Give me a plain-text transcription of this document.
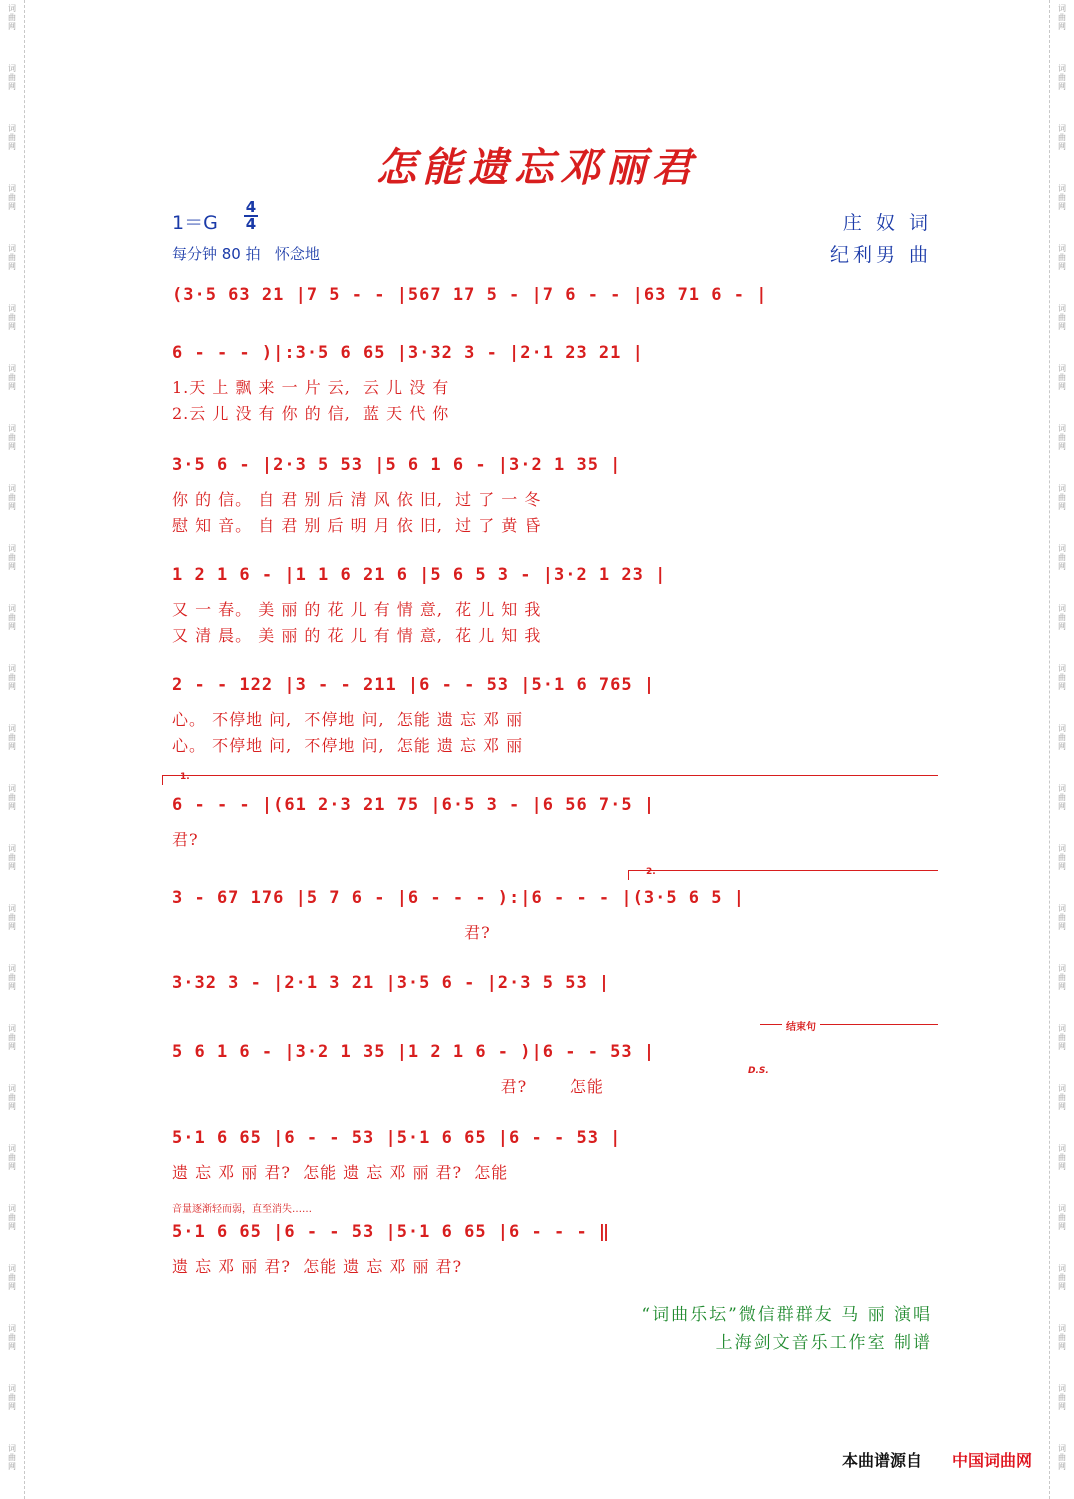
词
曲
网
词
曲
网
词
曲
网
词
曲
网
词
曲
网
词
曲
网
词
曲
网
词
曲
网
词
曲
网
词
曲
网
词
曲
网
词
曲
网
词
曲
网
词
曲
网
词
曲
网
词
曲
网
词
曲
网
词
曲
网
词
曲
网
词
曲
网
词
曲
网
词
曲
网
词
曲
网
词
曲
网
词
曲
网
词
曲
网
词
曲
网
词
曲
网
词
曲
网
词
曲
网
词
曲
网
词
曲
网
词
曲
网
词
曲
网
词
曲
网
词
曲
网
词
曲
网
词
曲
网
词
曲
网
词
曲
网
词
曲
网
词
曲
网
词
曲
网
词
曲
网
词
曲
网
词
曲
网
词
曲
网
词
曲
网
词
曲
网
词
曲
网
怎能遗忘邓丽君
1＝G
4
4
每分钟 80 拍   怀念地
庄 奴 词
纪利男 曲
(3·5 63 21 |7 5 - - |567 17 5 - |7 6 - - |63 71 6 - |
6 - - - )|:3·5 6 65 |3·32 3 - |2·1 23 21 |
1.天 上 飘 来 一 片 云,  云 儿 没 有
2.云 儿 没 有 你 的 信,  蓝 天 代 你
3·5 6 - |2·3 5 53 |5 6 1 6 - |3·2 1 35 |
你 的 信。 自 君 别 后 清 风 依 旧,  过 了 一 冬
慰 知 音。 自 君 别 后 明 月 依 旧,  过 了 黄 昏
1 2 1 6 - |1 1 6 21 6 |5 6 5 3 - |3·2 1 23 |
又 一 春。 美 丽 的 花 儿 有 情 意,  花 儿 知 我
又 清 晨。 美 丽 的 花 儿 有 情 意,  花 儿 知 我
2 - - 122 |3 - - 211 |6 - - 53 |5·1 6 765 |
心。 不停地 问,  不停地 问,  怎能 遗 忘 邓 丽
心。 不停地 问,  不停地 问,  怎能 遗 忘 邓 丽
6 - - - |(61 2·3 21 75 |6·5 3 - |6 56 7·5 |
君?
3 - 67 176 |5 7 6 - |6 - - - ):|6 - - - |(3·5 6 5 |
君?
3·32 3 - |2·1 3 21 |3·5 6 - |2·3 5 53 |
5 6 1 6 - |3·2 1 35 |1 2 1 6 - )|6 - - 53 |
君?       怎能
5·1 6 65 |6 - - 53 |5·1 6 65 |6 - - 53 |
遗 忘 邓 丽 君?  怎能 遗 忘 邓 丽 君?  怎能
5·1 6 65 |6 - - 53 |5·1 6 65 |6 - - - ‖
遗 忘 邓 丽 君?  怎能 遗 忘 邓 丽 君?
1.
2.
结束句
D.S.
音量逐渐轻而弱，直至消失……
“词曲乐坛”微信群群友 马 丽 演唱
上海剑文音乐工作室 制谱
本曲谱源自 中国词曲网
